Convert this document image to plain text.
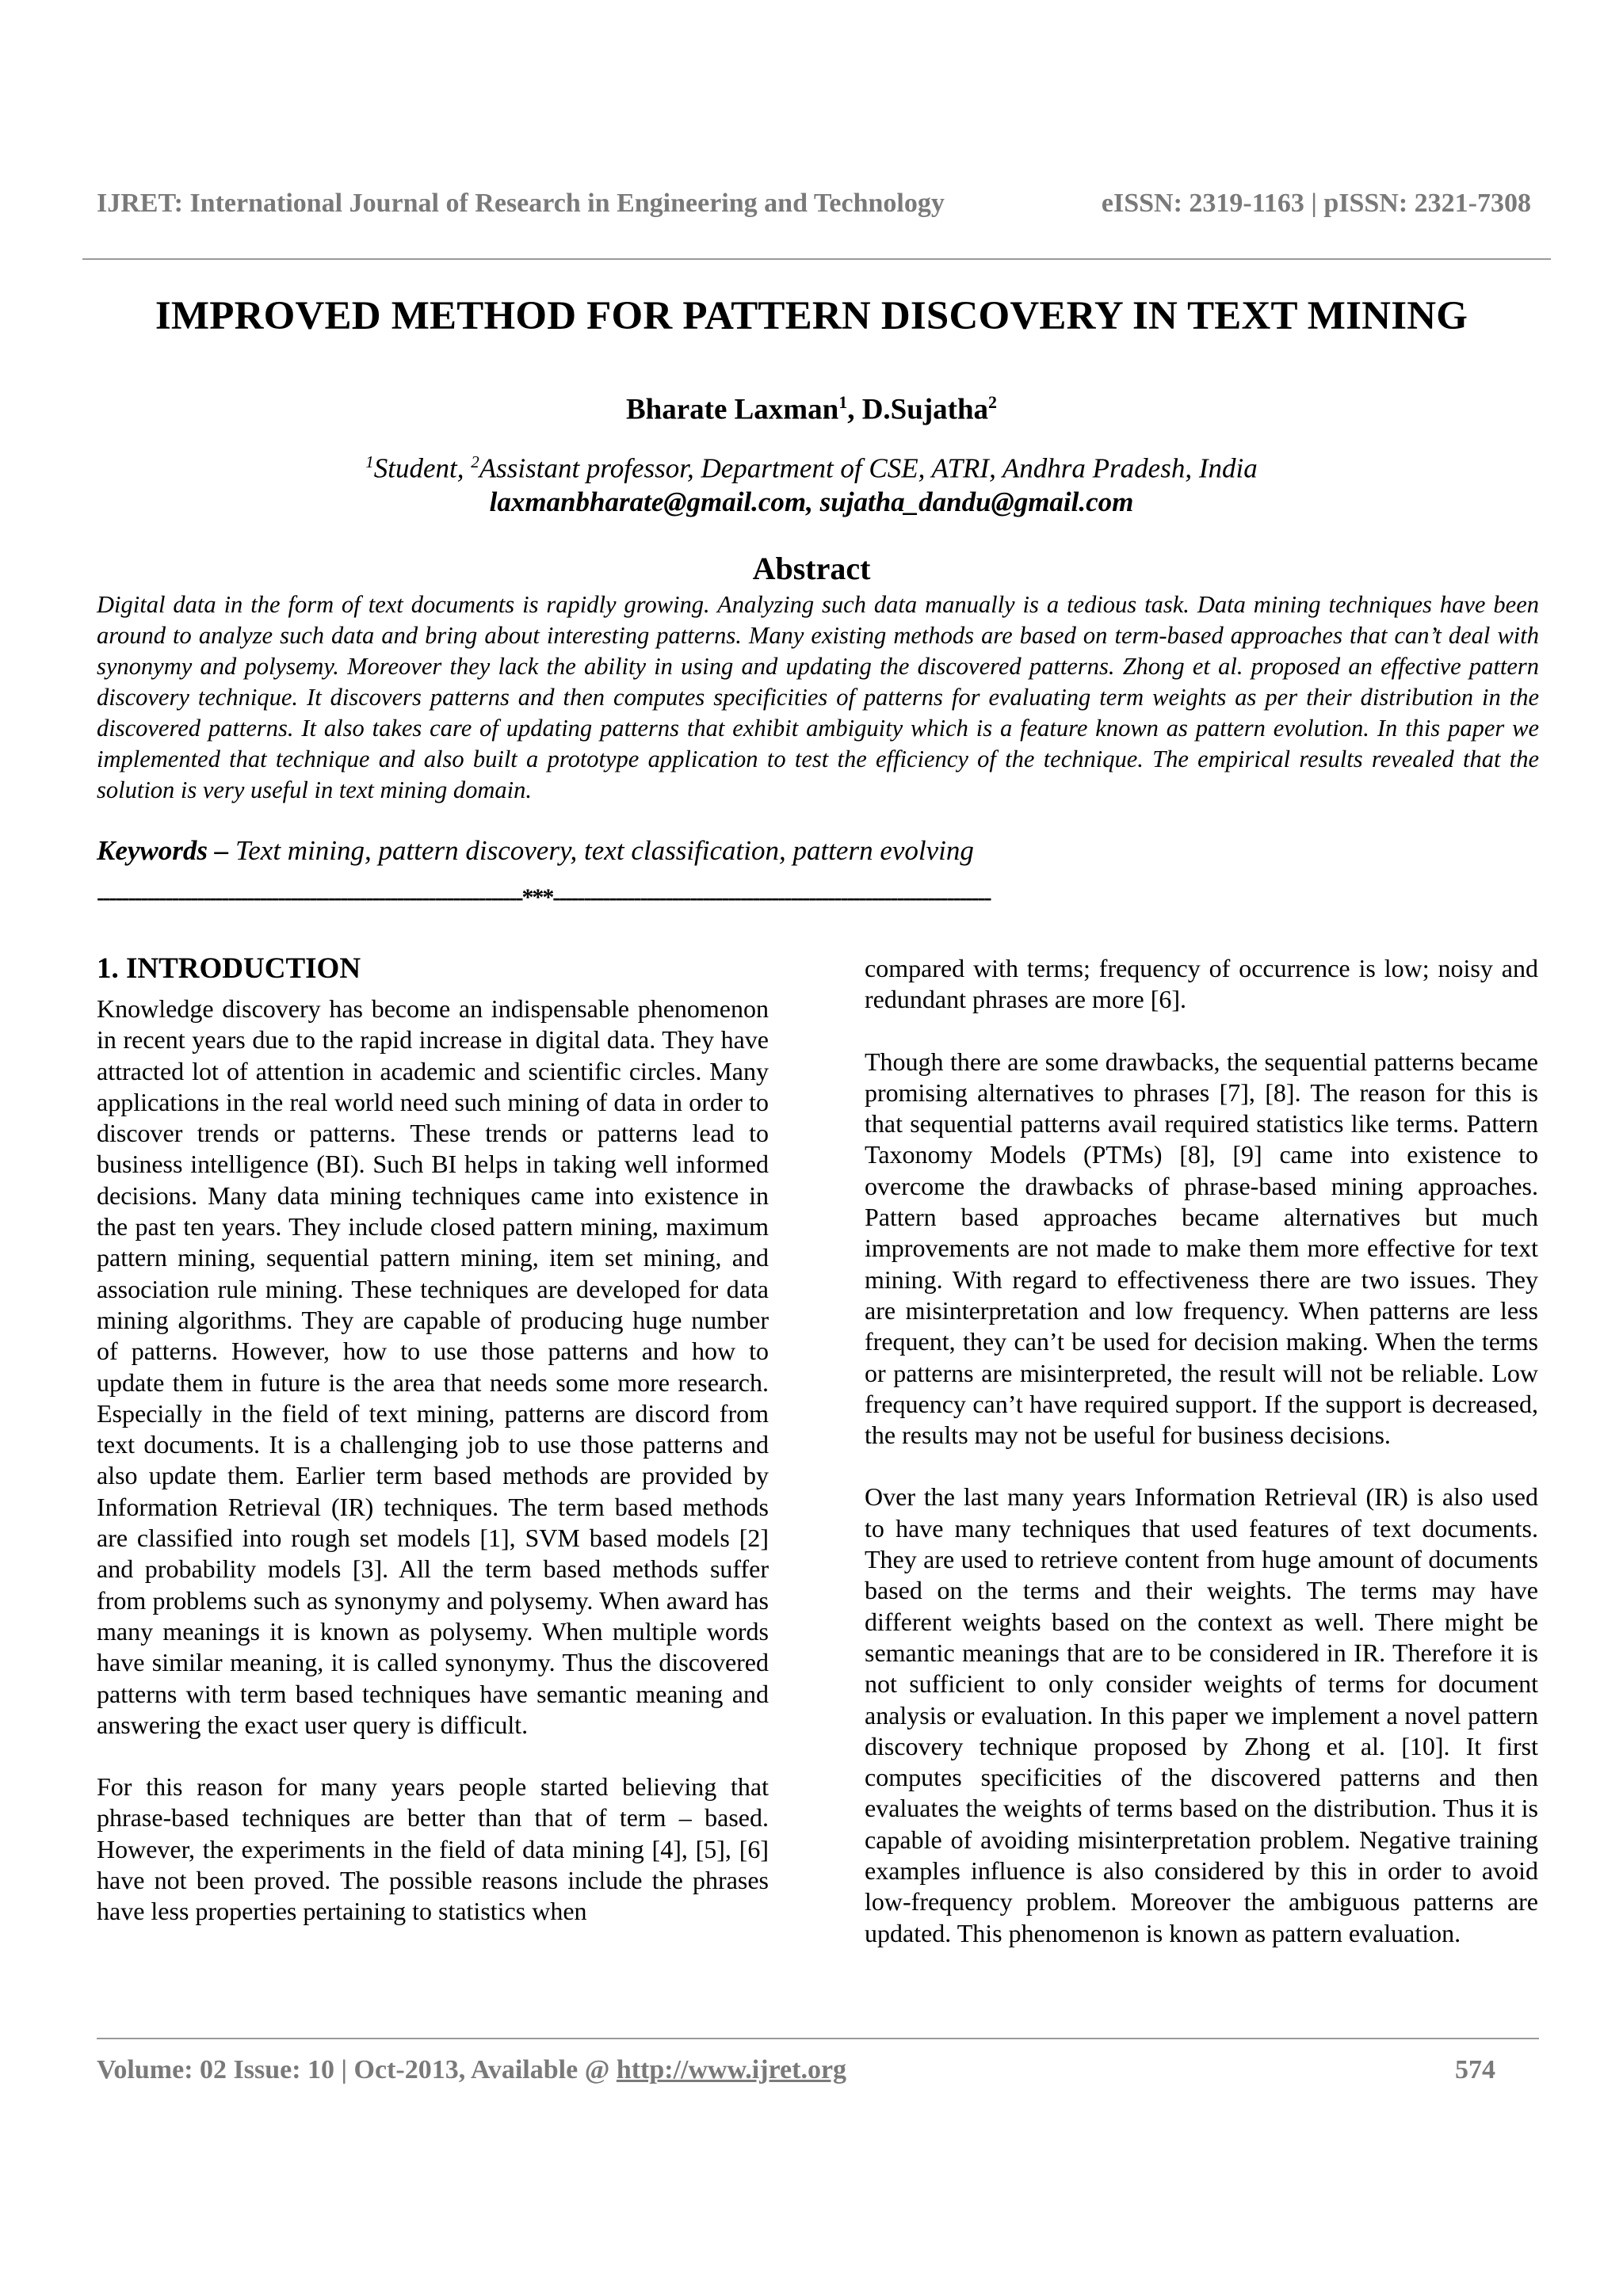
IJRET: International Journal of Research in Engineering and Technology	eISSN: 2319-1163 | pISSN: 2321-7308
IMPROVED METHOD FOR PATTERN DISCOVERY IN TEXT MINING
Bharate Laxman$^1$, D.Sujatha$^2$
$^1$Student, $^2$Assistant professor, Department of CSE, ATRI, Andhra Pradesh, India
laxmanbharate@gmail.com, sujatha_dandu@gmail.com
Abstract
Digital data in the form of text documents is rapidly growing. Analyzing such data manually is a tedious task. Data mining techniques have been around to analyze such data and bring about interesting patterns. Many existing methods are based on term-based approaches that can’t deal with synonymy and polysemy. Moreover they lack the ability in using and updating the discovered patterns. Zhong et al. proposed an effective pattern discovery technique. It discovers patterns and then computes specificities of patterns for evaluating term weights as per their distribution in the discovered patterns. It also takes care of updating patterns that exhibit ambiguity which is a feature known as pattern evolution. In this paper we implemented that technique and also built a prototype application to test the efficiency of the technique. The empirical results revealed that the solution is very useful in text mining domain.
Keywords – Text mining, pattern discovery, text classification, pattern evolving
--------------------------------------------------------------------***----------------------------------------------------------------------
1. INTRODUCTION

Knowledge discovery has become an indispensable phenomenon in recent years due to the rapid increase in digital data. They have attracted lot of attention in academic and scientific circles. Many applications in the real world need such mining of data in order to discover trends or patterns. These trends or patterns lead to business intelligence (BI). Such BI helps in taking well informed decisions. Many data mining techniques came into existence in the past ten years. They include closed pattern mining, maximum pattern mining, sequential pattern mining, item set mining, and association rule mining. These techniques are developed for data mining algorithms. They are capable of producing huge number of patterns. However, how to use those patterns and how to update them in future is the area that needs some more research. Especially in the field of text mining, patterns are discord from text documents. It is a challenging job to use those patterns and also update them. Earlier term based methods are provided by Information Retrieval (IR) techniques. The term based methods are classified into rough set models [1], SVM based models [2] and probability models [3]. All the term based methods suffer from problems such as synonymy and polysemy. When award has many meanings it is known as polysemy. When multiple words have similar meaning, it is called synonymy. Thus the discovered patterns with term based techniques have semantic meaning and answering the exact user query is difficult.

For this reason for many years people started believing that phrase-based techniques are better than that of term – based. However, the experiments in the field of data mining [4], [5], [6] have not been proved. The possible reasons include the phrases have less properties pertaining to statistics when

compared with terms; frequency of occurrence is low; noisy and redundant phrases are more [6].

Though there are some drawbacks, the sequential patterns became promising alternatives to phrases [7], [8]. The reason for this is that sequential patterns avail required statistics like terms. Pattern Taxonomy Models (PTMs) [8], [9] came into existence to overcome the drawbacks of phrase-based mining approaches. Pattern based approaches became alternatives but much improvements are not made to make them more effective for text mining. With regard to effectiveness there are two issues. They are misinterpretation and low frequency. When patterns are less frequent, they can’t be used for decision making. When the terms or patterns are misinterpreted, the result will not be reliable. Low frequency can’t have required support. If the support is decreased, the results may not be useful for business decisions.

Over the last many years Information Retrieval (IR) is also used to have many techniques that used features of text documents. They are used to retrieve content from huge amount of documents based on the terms and their weights. The terms may have different weights based on the context as well. There might be semantic meanings that are to be considered in IR. Therefore it is not sufficient to only consider weights of terms for document analysis or evaluation. In this paper we implement a novel pattern discovery technique proposed by Zhong et al. [10]. It first computes specificities of the discovered patterns and then evaluates the weights of terms based on the distribution. Thus it is capable of avoiding misinterpretation problem. Negative training examples influence is also considered by this in order to avoid low-frequency problem. Moreover the ambiguous patterns are updated. This phenomenon is known as pattern evaluation.

Volume: 02 Issue: 10 | Oct-2013, Available @ http://www.ijret.org	574
